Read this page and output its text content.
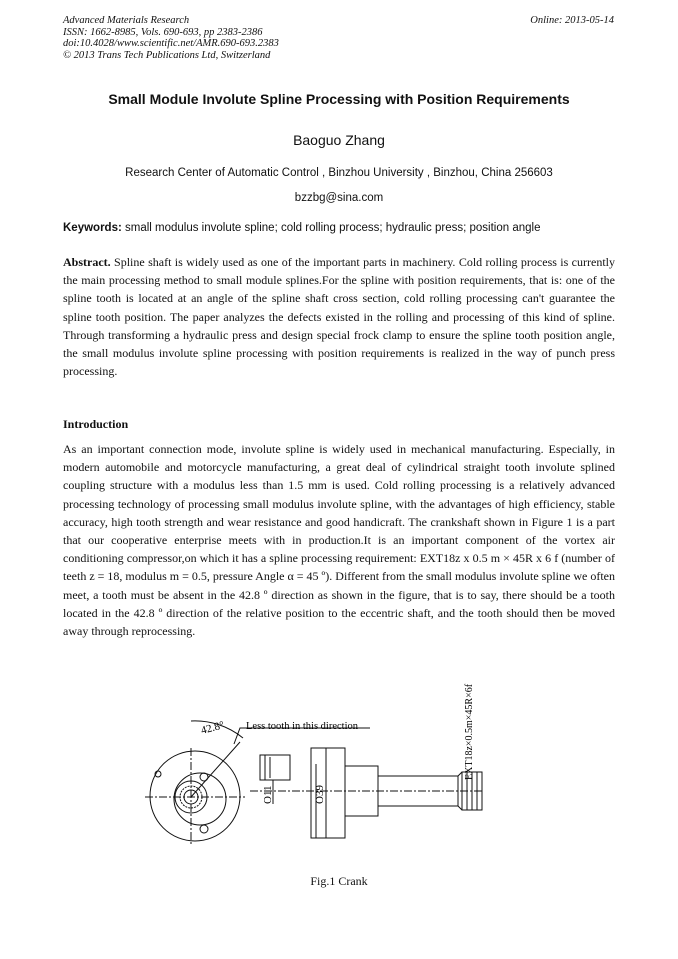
Advanced Materials Research
ISSN: 1662-8985, Vols. 690-693, pp 2383-2386
doi:10.4028/www.scientific.net/AMR.690-693.2383
© 2013 Trans Tech Publications Ltd, Switzerland
Online: 2013-05-14
Small Module Involute Spline Processing with Position Requirements
Baoguo Zhang
Research Center of Automatic Control , Binzhou University , Binzhou, China 256603
bzzbg@sina.com
Keywords: small modulus involute spline; cold rolling process; hydraulic press; position angle
Abstract. Spline shaft is widely used as one of the important parts in machinery. Cold rolling process is currently the main processing method to small module splines.For the spline with position requirements, that is: one of the spline tooth is located at an angle of the spline shaft cross section, cold rolling processing can't guarantee the spline tooth position. The paper analyzes the defects existed in the rolling and processing of this kind of spline. Through transforming a hydraulic press and design special frock clamp to ensure the spline tooth position angle, the small modulus involute spline processing with position requirements is realized in the way of punch press processing.
Introduction
As an important connection mode, involute spline is widely used in mechanical manufacturing. Especially, in modern automobile and motorcycle manufacturing, a great deal of cylindrical straight tooth involute splined coupling structure with a modulus less than 1.5 mm is used. Cold rolling processing is a relatively advanced processing technology of processing small modulus involute spline, with the advantages of high efficiency, stable accuracy, high tooth strength and wear resistance and good handicraft. The crankshaft shown in Figure 1 is a part that our cooperative enterprise meets with in production.It is an important component of the vortex air conditioning compressor,on which it has a spline processing requirement: EXT18z x 0.5 m × 45R x 6 f (number of teeth z = 18, modulus m = 0.5, pressure Angle α = 45 º). Different from the small modulus involute spline we often meet, a tooth must be absent in the 42.8 º direction as shown in the figure, that is to say, there should be a tooth located in the 42.8 º direction of the relative position to the eccentric shaft, and the tooth should then be moved away through reprocessing.
42.8° Less tooth in this direction
O11	O39
EXT18z×0.5m×45R×6f
Fig.1 Crank
